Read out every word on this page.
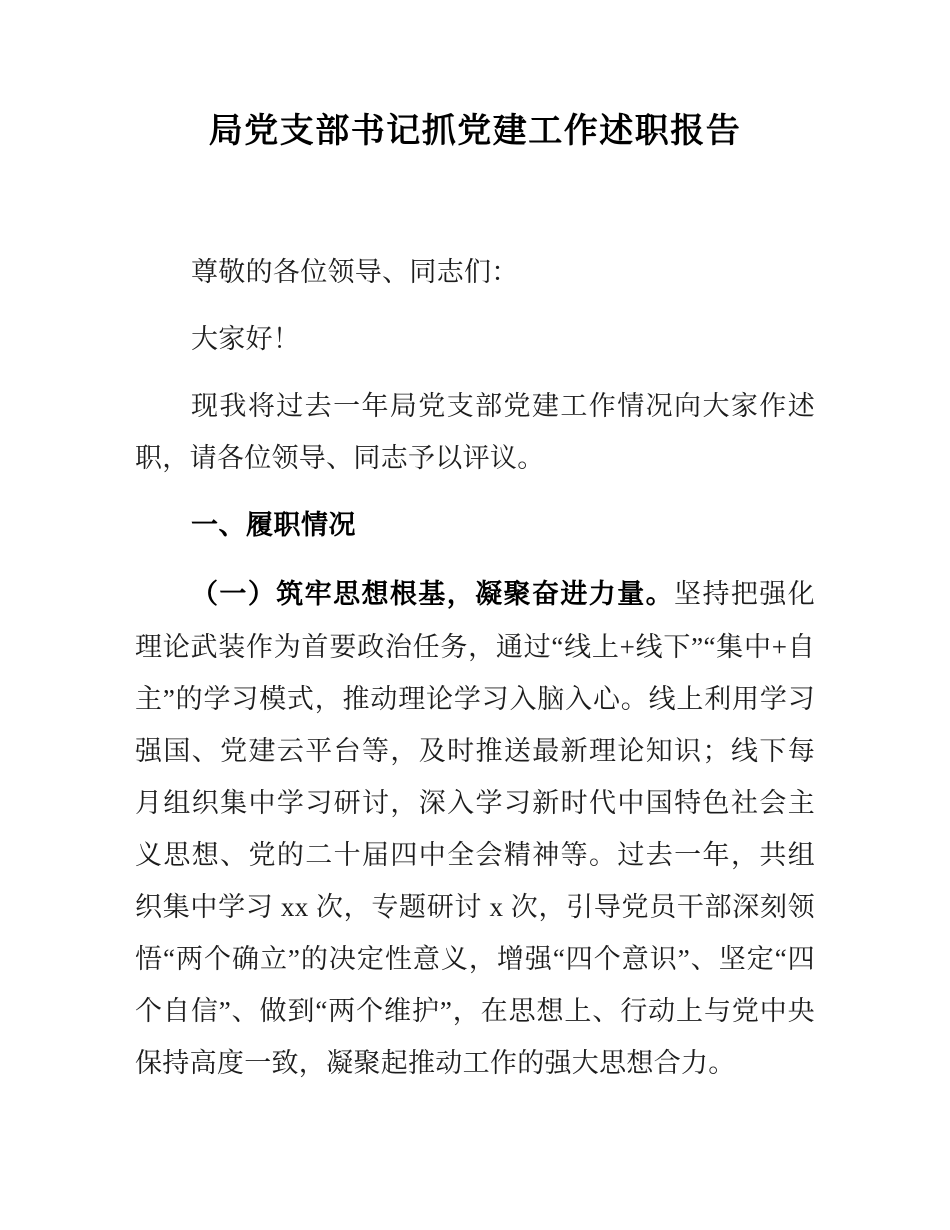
局党支部书记抓党建工作述职报告

尊敬的各位领导、同志们：

大家好！

现我将过去一年局党支部党建工作情况向大家作述职，请各位领导、同志予以评议。

一、履职情况

（一）筑牢思想根基，凝聚奋进力量。坚持把强化理论武装作为首要政治任务，通过“线上+线下”“集中+自主”的学习模式，推动理论学习入脑入心。线上利用学习强国、党建云平台等，及时推送最新理论知识；线下每月组织集中学习研讨，深入学习新时代中国特色社会主义思想、党的二十届四中全会精神等。过去一年，共组织集中学习 xx 次，专题研讨 x 次，引导党员干部深刻领悟“两个确立”的决定性意义，增强“四个意识”、坚定“四个自信”、做到“两个维护”，在思想上、行动上与党中央保持高度一致，凝聚起推动工作的强大思想合力。
